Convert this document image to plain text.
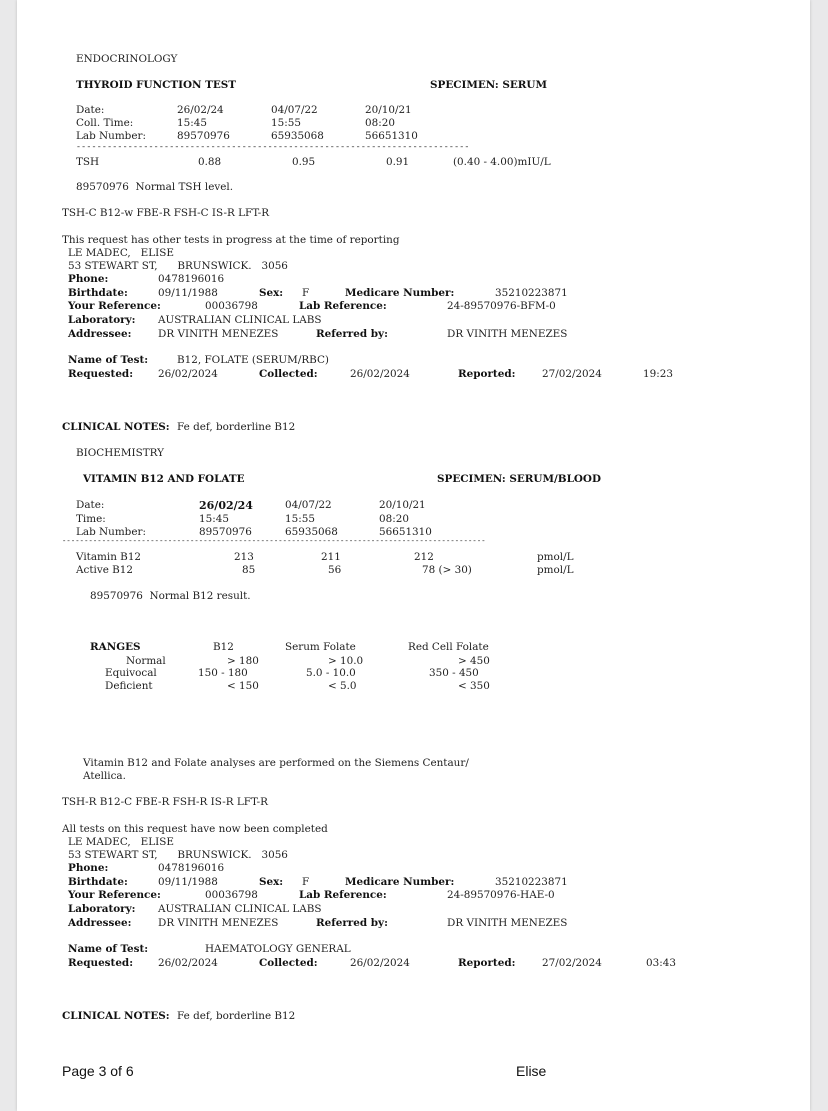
ENDOCRINOLOGY
THYROID FUNCTION TEST	SPECIMEN: SERUM
Date:	26/02/24	04/07/22	20/10/21
Coll. Time:	15:45	15:55	08:20
Lab Number:	89570976	65935068	56651310
----------------------------------------------------------------------------
TSH	0.88	0.95	0.91	(0.40 - 4.00)mIU/L
89570976  Normal TSH level.
TSH-C B12-w FBE-R FSH-C IS-R LFT-R
This request has other tests in progress at the time of reporting
LE MADEC,   ELISE
53 STEWART ST,      BRUNSWICK.   3056
Phone:	0478196016
Birthdate:	09/11/1988	Sex: F	Medicare Number:	35210223871
Your Reference:	00036798	Lab Reference:	24-89570976-BFM-0
Laboratory: AUSTRALIAN CLINICAL LABS
Addressee:	DR VINITH MENEZES	Referred by:	DR VINITH MENEZES
Name of Test:	B12, FOLATE (SERUM/RBC)
Requested: 26/02/2024	Collected:	26/02/2024	Reported:	27/02/2024	19:23
CLINICAL NOTES: Fe def, borderline B12
BIOCHEMISTRY
VITAMIN B12 AND FOLATE	SPECIMEN: SERUM/BLOOD
Date:	26/02/24	04/07/22	20/10/21
Time:	15:45	15:55	08:20
Lab Number:	89570976	65935068	56651310
------------------------------------------------------------------------------------------------
Vitamin B12	213	211	212	pmol/L
Active B12	85	56	78 (> 30)	pmol/L
89570976  Normal B12 result.
RANGES	B12	Serum Folate	Red Cell Folate
Normal	> 180	> 10.0	> 450
Equivocal	150 - 180	5.0 - 10.0	350 - 450
Deficient	< 150	< 5.0	< 350
Vitamin B12 and Folate analyses are performed on the Siemens Centaur/
Atellica.
TSH-R B12-C FBE-R FSH-R IS-R LFT-R
All tests on this request have now been completed
LE MADEC,   ELISE
53 STEWART ST,      BRUNSWICK.   3056
Phone:	0478196016
Birthdate:	09/11/1988	Sex: F	Medicare Number:	35210223871
Your Reference:	00036798	Lab Reference:	24-89570976-HAE-0
Laboratory: AUSTRALIAN CLINICAL LABS
Addressee:	DR VINITH MENEZES	Referred by:	DR VINITH MENEZES
Name of Test:	HAEMATOLOGY GENERAL
Requested: 26/02/2024	Collected:	26/02/2024	Reported:	27/02/2024	03:43
CLINICAL NOTES: Fe def, borderline B12
Page 3 of 6	Elise
